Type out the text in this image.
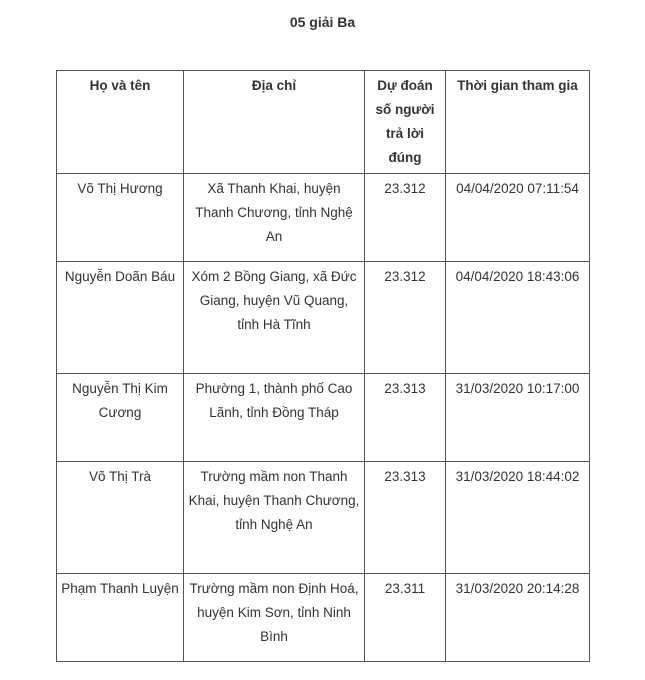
05 giải Ba
Họ và tên	Địa chỉ	Dự đoán số người trả lời đúng	Thời gian tham gia
Võ Thị Hương	Xã Thanh Khai, huyện Thanh Chương, tỉnh Nghệ An	23.312	04/04/2020 07:11:54
Nguyễn Doãn Báu	Xóm 2 Bồng Giang, xã Đức Giang, huyện Vũ Quang, tỉnh Hà Tĩnh	23.312	04/04/2020 18:43:06
Nguyễn Thị Kim Cương	Phường 1, thành phố Cao Lãnh, tỉnh Đồng Tháp	23.313	31/03/2020 10:17:00
Võ Thị Trà	Trường mầm non Thanh Khai, huyện Thanh Chương, tỉnh Nghệ An	23.313	31/03/2020 18:44:02
Phạm Thanh Luyện	Trường mầm non Định Hoá, huyện Kim Sơn, tỉnh Ninh Bình	23.311	31/03/2020 20:14:28
